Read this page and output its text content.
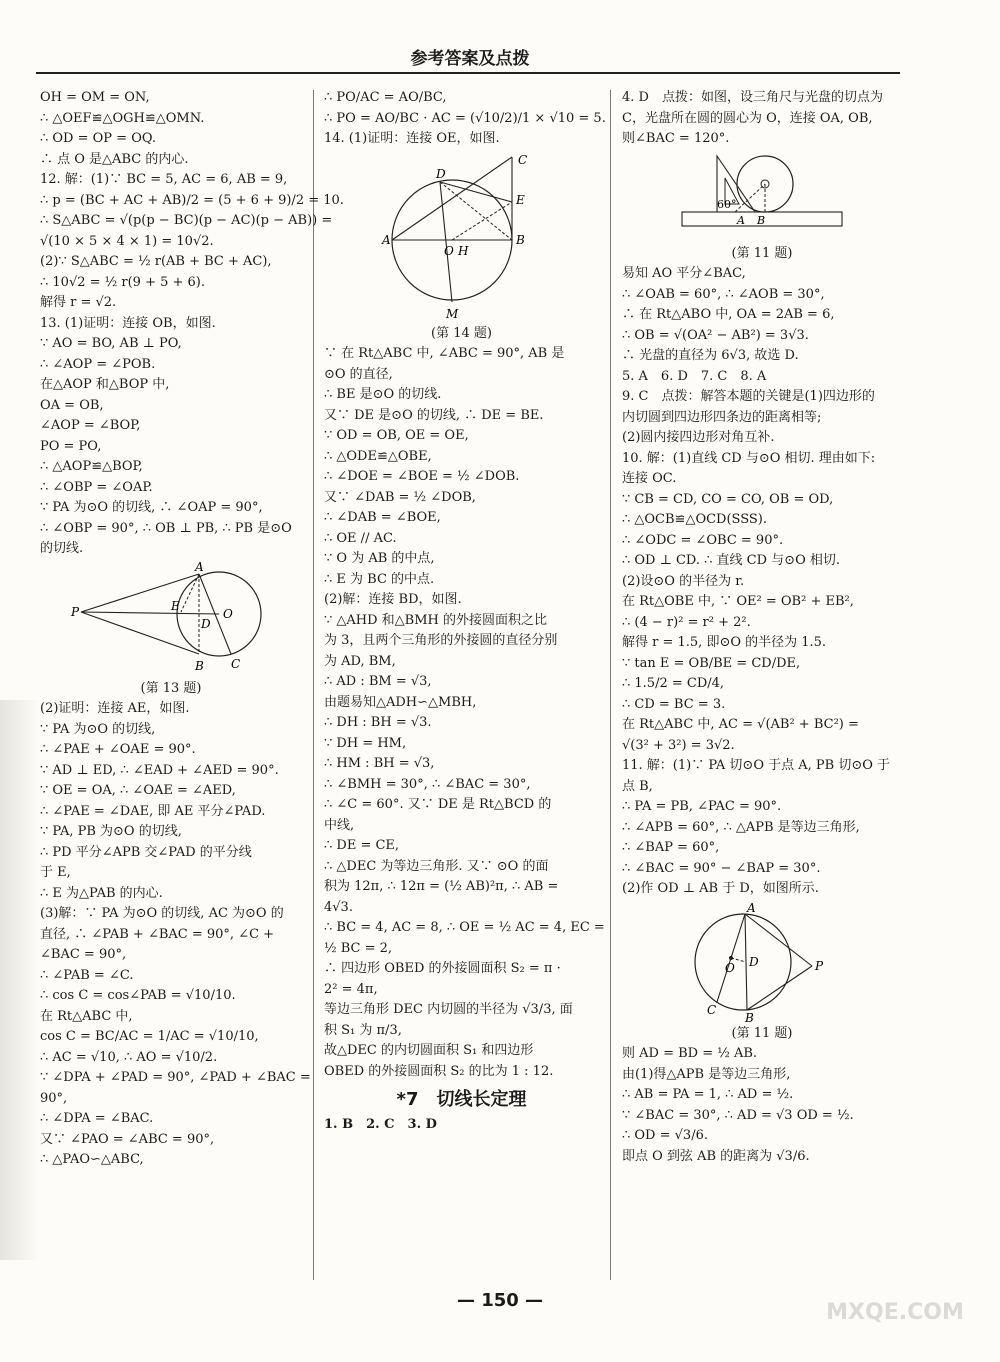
参考答案及点拨
OH = OM = ON,
∴ △OEF≌△OGH≌△OMN.
∴ OD = OP = OQ.
∴ 点 O 是△ABC 的内心.
12. 解：(1)∵ BC = 5, AC = 6, AB = 9,
∴ p = (BC + AC + AB)/2 = (5 + 6 + 9)/2 = 10.
∴ S△ABC = √(p(p − BC)(p − AC)(p − AB)) =
√(10 × 5 × 4 × 1) = 10√2.
(2)∵ S△ABC = ½ r(AB + BC + AC),
∴ 10√2 = ½ r(9 + 5 + 6).
解得 r = √2.
13. (1)证明：连接 OB，如图.
∵ AO = BO, AB ⊥ PO,
∴ ∠AOP = ∠POB.
在△AOP 和△BOP 中,
OA = OB,
∠AOP = ∠BOP,
PO = PO,
∴ △AOP≌△BOP,
∴ ∠OBP = ∠OAP.
∵ PA 为⊙O 的切线, ∴ ∠OAP = 90°,
∴ ∠OBP = 90°, ∴ OB ⊥ PB, ∴ PB 是⊙O
的切线.
A
P	E
D
O
B C
(第 13 题)
(2)证明：连接 AE，如图.
∵ PA 为⊙O 的切线,
∴ ∠PAE + ∠OAE = 90°.
∵ AD ⊥ ED, ∴ ∠EAD + ∠AED = 90°.
∵ OE = OA, ∴ ∠OAE = ∠AED,
∴ ∠PAE = ∠DAE, 即 AE 平分∠PAD.
∵ PA, PB 为⊙O 的切线,
∴ PD 平分∠APB 交∠PAD 的平分线
于 E,
∴ E 为△PAB 的内心.
(3)解：∵ PA 为⊙O 的切线, AC 为⊙O 的
直径, ∴ ∠PAB + ∠BAC = 90°, ∠C +
∠BAC = 90°,
∴ ∠PAB = ∠C.
∴ cos C = cos∠PAB = √10/10.
在 Rt△ABC 中,
cos C = BC/AC = 1/AC = √10/10,
∴ AC = √10, ∴ AO = √10/2.
∵ ∠DPA + ∠PAD = 90°, ∠PAD + ∠BAC =
90°,
∴ ∠DPA = ∠BAC.
又∵ ∠PAO = ∠ABC = 90°,
∴ △PAO∽△ABC,
∴ PO/AC = AO/BC,
∴ PO = AO/BC · AC = (√10/2)/1 × √10 = 5.
14. (1)证明：连接 OE，如图.
D
C
E
A
O H
B
M
(第 14 题)
∵ 在 Rt△ABC 中, ∠ABC = 90°, AB 是
⊙O 的直径,
∴ BE 是⊙O 的切线.
又∵ DE 是⊙O 的切线, ∴ DE = BE.
∵ OD = OB, OE = OE,
∴ △ODE≌△OBE,
∴ ∠DOE = ∠BOE = ½ ∠DOB.
又∵ ∠DAB = ½ ∠DOB,
∴ ∠DAB = ∠BOE,
∴ OE // AC.
∵ O 为 AB 的中点,
∴ E 为 BC 的中点.
(2)解：连接 BD，如图.
∵ △AHD 和△BMH 的外接圆面积之比
为 3，且两个三角形的外接圆的直径分别
为 AD, BM,
∴ AD : BM = √3,
由题易知△ADH∽△MBH,
∴ DH : BH = √3.
∵ DH = HM,
∴ HM : BH = √3,
∴ ∠BMH = 30°, ∴ ∠BAC = 30°,
∴ ∠C = 60°. 又∵ DE 是 Rt△BCD 的
中线,
∴ DE = CE,
∴ △DEC 为等边三角形. 又∵ ⊙O 的面
积为 12π, ∴ 12π = (½ AB)²π, ∴ AB =
4√3.
∴ BC = 4, AC = 8, ∴ OE = ½ AC = 4, EC =
½ BC = 2,
∴ 四边形 OBED 的外接圆面积 S₂ = π ·
2² = 4π,
等边三角形 DEC 内切圆的半径为 √3/3, 面
积 S₁ 为 π/3,
故△DEC 的内切圆面积 S₁ 和四边形
OBED 的外接圆面积 S₂ 的比为 1 : 12.
*7　切线长定理
1. B　2. C　3. D
4. D　点拨：如图，设三角尺与光盘的切点为
C，光盘所在圆的圆心为 O，连接 OA, OB,
则∠BAC = 120°.
60°
A B
(第 11 题)
易知 AO 平分∠BAC,
∴ ∠OAB = 60°, ∴ ∠AOB = 30°,
∴ 在 Rt△ABO 中, OA = 2AB = 6,
∴ OB = √(OA² − AB²) = 3√3.
∴ 光盘的直径为 6√3, 故选 D.
5. A　6. D　7. C　8. A
9. C　点拨：解答本题的关键是(1)四边形的
内切圆到四边形四条边的距离相等;
(2)圆内接四边形对角互补.
10. 解：(1)直线 CD 与⊙O 相切. 理由如下:
连接 OC.
∵ CB = CD, CO = CO, OB = OD,
∴ △OCB≌△OCD(SSS).
∴ ∠ODC = ∠OBC = 90°.
∴ OD ⊥ CD. ∴ 直线 CD 与⊙O 相切.
(2)设⊙O 的半径为 r.
在 Rt△OBE 中, ∵ OE² = OB² + EB²,
∴ (4 − r)² = r² + 2².
解得 r = 1.5, 即⊙O 的半径为 1.5.
∵ tan E = OB/BE = CD/DE,
∴ 1.5/2 = CD/4,
∴ CD = BC = 3.
在 Rt△ABC 中, AC = √(AB² + BC²) =
√(3² + 3²) = 3√2.
11. 解：(1)∵ PA 切⊙O 于点 A, PB 切⊙O 于
点 B,
∴ PA = PB, ∠PAC = 90°.
∴ ∠APB = 60°, ∴ △APB 是等边三角形,
∴ ∠BAP = 60°,
∴ ∠BAC = 90° − ∠BAP = 30°.
(2)作 OD ⊥ AB 于 D，如图所示.
A
O D	P
C
B
(第 11 题)
则 AD = BD = ½ AB.
由(1)得△APB 是等边三角形,
∴ AB = PA = 1, ∴ AD = ½.
∵ ∠BAC = 30°, ∴ AD = √3 OD = ½.
∴ OD = √3/6.
即点 O 到弦 AB 的距离为 √3/6.
— 150 —	MXQE.COM
